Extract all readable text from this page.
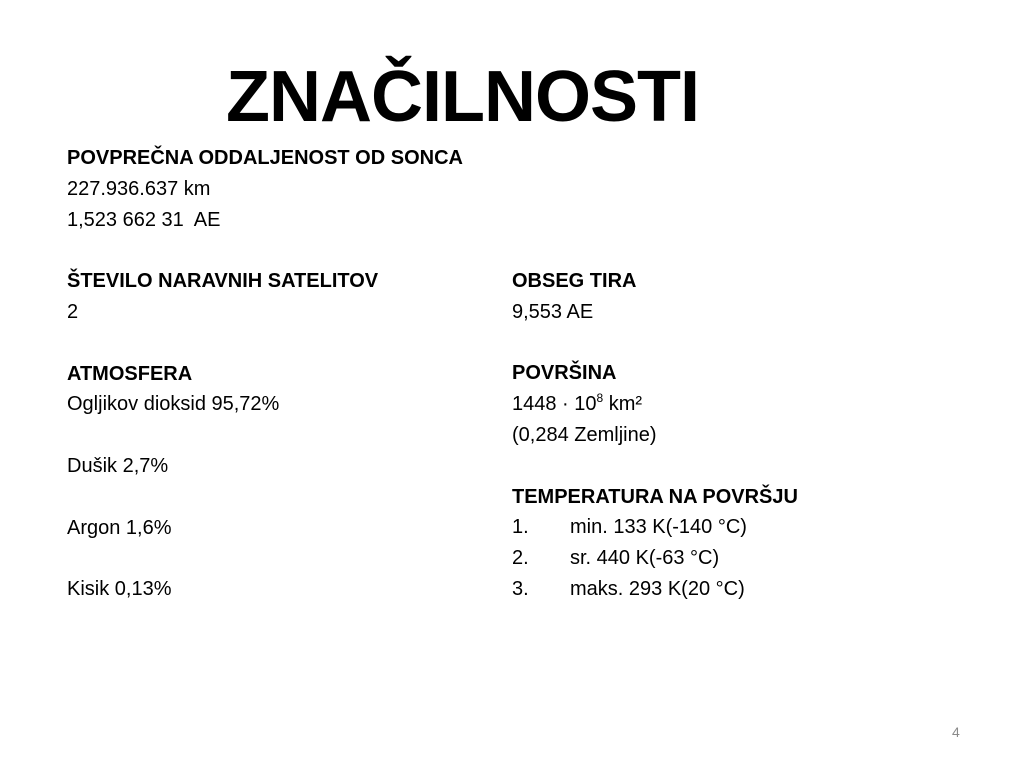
ZNAČILNOSTI
POVPREČNA ODDALJENOST OD SONCA
227.936.637 km
1,523 662 31  AE
ŠTEVILO NARAVNIH SATELITOV
2
ATMOSFERA
Ogljikov dioksid 95,72%
Dušik 2,7%
Argon 1,6%
Kisik 0,13%
OBSEG TIRA
9,553 AE
POVRŠINA
$1448 \cdot 10^8$ km²
(0,284 Zemljine)
TEMPERATURA NA POVRŠJU
1.	min. 133 K(-140 °C)
2.	sr. 440 K(-63 °C)
3.	maks. 293 K(20 °C)
4
